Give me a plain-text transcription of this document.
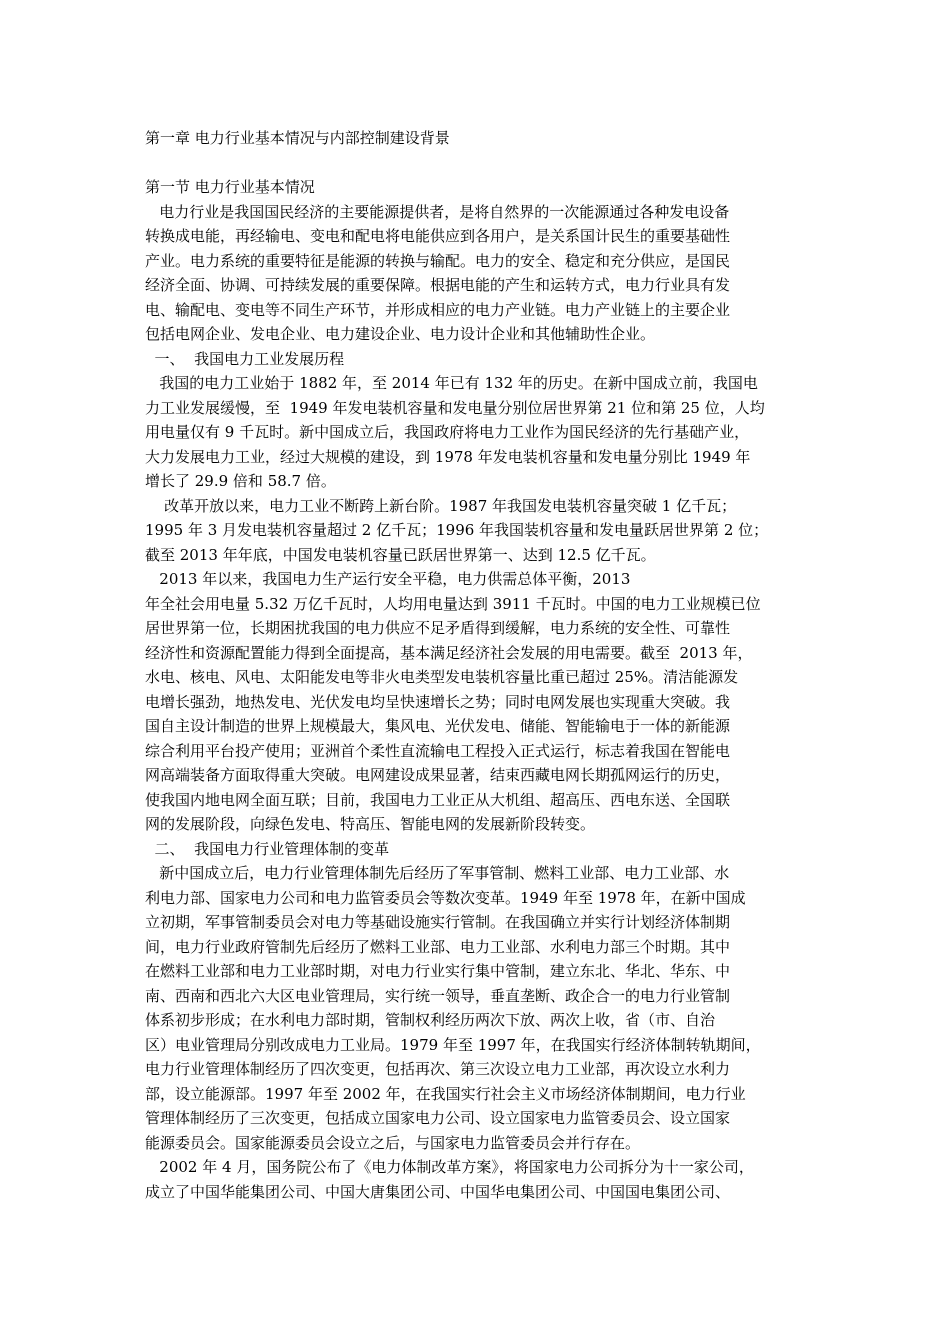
第一章 电力行业基本情况与内部控制建设背景
第一节 电力行业基本情况
电力行业是我国国民经济的主要能源提供者，是将自然界的一次能源通过各种发电设备
转换成电能，再经输电、变电和配电将电能供应到各用户，是关系国计民生的重要基础性
产业。电力系统的重要特征是能源的转换与输配。电力的安全、稳定和充分供应，是国民
经济全面、协调、可持续发展的重要保障。根据电能的产生和运转方式，电力行业具有发
电、输配电、变电等不同生产环节，并形成相应的电力产业链。电力产业链上的主要企业
包括电网企业、发电企业、电力建设企业、电力设计企业和其他辅助性企业。
一、  我国电力工业发展历程
我国的电力工业始于 1882 年，至 2014 年已有 132 年的历史。在新中国成立前，我国电
力工业发展缓慢，至  1949 年发电装机容量和发电量分别位居世界第 21 位和第 25 位，人均
用电量仅有 9 千瓦时。新中国成立后，我国政府将电力工业作为国民经济的先行基础产业，
大力发展电力工业，经过大规模的建设，到 1978 年发电装机容量和发电量分别比 1949 年
增长了 29.9 倍和 58.7 倍。
改革开放以来，电力工业不断跨上新台阶。1987 年我国发电装机容量突破 1 亿千瓦；
1995 年 3 月发电装机容量超过 2 亿千瓦；1996 年我国装机容量和发电量跃居世界第 2 位；
截至 2013 年年底，中国发电装机容量已跃居世界第一、达到 12.5 亿千瓦。
2013 年以来，我国电力生产运行安全平稳，电力供需总体平衡，2013
年全社会用电量 5.32 万亿千瓦时，人均用电量达到 3911 千瓦时。中国的电力工业规模已位
居世界第一位，长期困扰我国的电力供应不足矛盾得到缓解，电力系统的安全性、可靠性
经济性和资源配置能力得到全面提高，基本满足经济社会发展的用电需要。截至  2013 年，
水电、核电、风电、太阳能发电等非火电类型发电装机容量比重已超过 25%。清洁能源发
电增长强劲，地热发电、光伏发电均呈快速增长之势；同时电网发展也实现重大突破。我
国自主设计制造的世界上规模最大，集风电、光伏发电、储能、智能输电于一体的新能源
综合利用平台投产使用；亚洲首个柔性直流输电工程投入正式运行，标志着我国在智能电
网高端装备方面取得重大突破。电网建设成果显著，结束西藏电网长期孤网运行的历史，
使我国内地电网全面互联；目前，我国电力工业正从大机组、超高压、西电东送、全国联
网的发展阶段，向绿色发电、特高压、智能电网的发展新阶段转变。
二、  我国电力行业管理体制的变革
新中国成立后，电力行业管理体制先后经历了军事管制、燃料工业部、电力工业部、水
利电力部、国家电力公司和电力监管委员会等数次变革。1949 年至 1978 年，在新中国成
立初期，军事管制委员会对电力等基础设施实行管制。在我国确立并实行计划经济体制期
间，电力行业政府管制先后经历了燃料工业部、电力工业部、水利电力部三个时期。其中
在燃料工业部和电力工业部时期，对电力行业实行集中管制，建立东北、华北、华东、中
南、西南和西北六大区电业管理局，实行统一领导，垂直垄断、政企合一的电力行业管制
体系初步形成；在水利电力部时期，管制权利经历两次下放、两次上收，省（市、自治
区）电业管理局分别改成电力工业局。1979 年至 1997 年，在我国实行经济体制转轨期间，
电力行业管理体制经历了四次变更，包括再次、第三次设立电力工业部，再次设立水利力
部，设立能源部。1997 年至 2002 年，在我国实行社会主义市场经济体制期间，电力行业
管理体制经历了三次变更，包括成立国家电力公司、设立国家电力监管委员会、设立国家
能源委员会。国家能源委员会设立之后，与国家电力监管委员会并行存在。
2002 年 4 月，国务院公布了《电力体制改革方案》，将国家电力公司拆分为十一家公司，
成立了中国华能集团公司、中国大唐集团公司、中国华电集团公司、中国国电集团公司、
